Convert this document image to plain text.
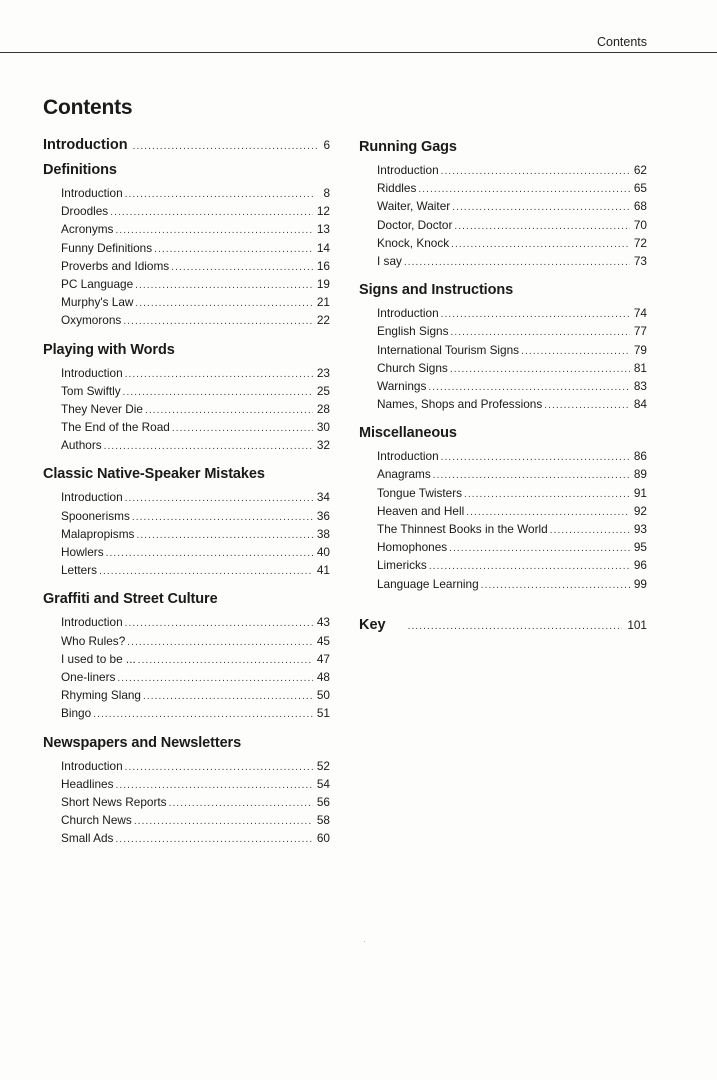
Contents
Contents
Introduction .....	6
Definitions
Introduction .....	8
Droodles .....	12
Acronyms .....	13
Funny Definitions .....	14
Proverbs and Idioms .....	16
PC Language .....	19
Murphy's Law .....	21
Oxymorons .....	22
Playing with Words
Introduction .....	23
Tom Swiftly .....	25
They Never Die .....	28
The End of the Road .....	30
Authors .....	32
Classic Native-Speaker Mistakes
Introduction .....	34
Spoonerisms .....	36
Malapropisms .....	38
Howlers .....	40
Letters .....	41
Graffiti and Street Culture
Introduction .....	43
Who Rules? .....	45
I used to be ... .....	47
One-liners .....	48
Rhyming Slang .....	50
Bingo .....	51
Newspapers and Newsletters
Introduction .....	52
Headlines .....	54
Short News Reports .....	56
Church News .....	58
Small Ads .....	60
Running Gags
Introduction .....	62
Riddles .....	65
Waiter, Waiter .....	68
Doctor, Doctor .....	70
Knock, Knock .....	72
I say .....	73
Signs and Instructions
Introduction .....	74
English Signs .....	77
International Tourism Signs .....	79
Church Signs .....	81
Warnings .....	83
Names, Shops and Professions .....	84
Miscellaneous
Introduction .....	86
Anagrams .....	89
Tongue Twisters .....	91
Heaven and Hell .....	92
The Thinnest Books in the World .....	93
Homophones .....	95
Limericks .....	96
Language Learning .....	99
Key .....	101
